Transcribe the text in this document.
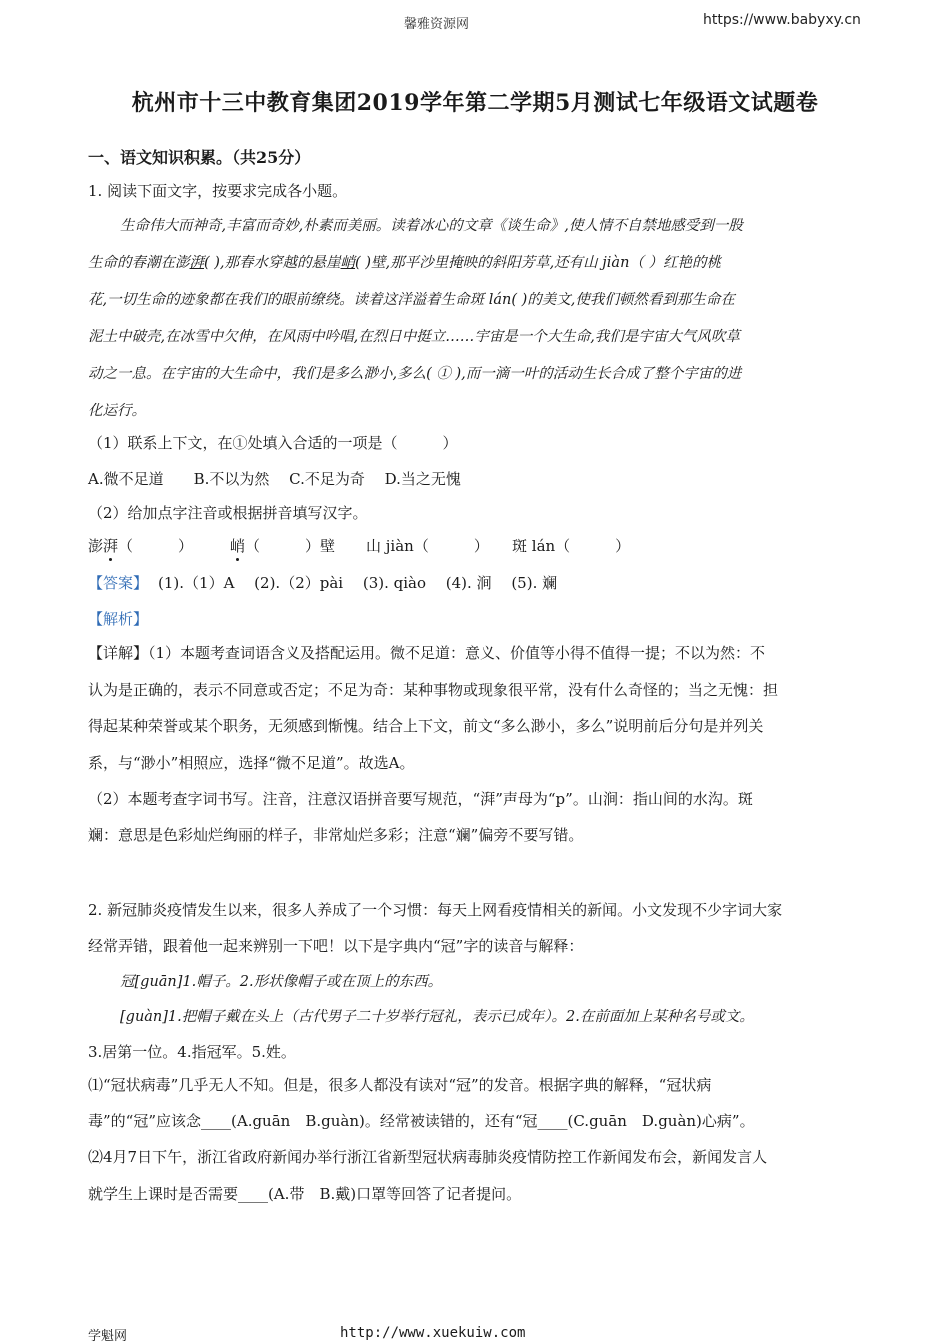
馨雅资源网	https://www.babyxy.cn
杭州市十三中教育集团2019学年第二学期5月测试七年级语文试题卷
一、语文知识积累。（共25分）
1. 阅读下面文字，按要求完成各小题。
生命伟大而神奇,丰富而奇妙,朴素而美丽。读着冰心的文章《谈生命》,使人情不自禁地感受到一股
生命的春潮在澎湃( ),那春水穿越的悬崖峭( )壁,那平沙里掩映的斜阳芳草,还有山 jiàn（ ）红艳的桃
花,一切生命的迹象都在我们的眼前缭绕。读着这洋溢着生命斑 lán( )的美文,使我们顿然看到那生命在
泥土中破壳,在冰雪中欠伸，在风雨中吟唱,在烈日中挺立……宇宙是一个大生命,我们是宇宙大气风吹草
动之一息。在宇宙的大生命中，我们是多么渺小,多么( ① ),而一滴一叶的活动生长合成了整个宇宙的进
化运行。
（1）联系上下文，在①处填入合适的一项是（　　　）
A.微不足道　　B.不以为然　 C.不足为奇　 D.当之无愧
（2）给加点字注音或根据拼音填写汉字。
澎湃（　　　） 峭（　　　）壁 山 jiàn（　　　） 斑 lán（　　　）
【答案】 (1).（1）A　 (2).（2）pài　 (3). qiào　 (4). 涧　 (5). 斓
【解析】
【详解】（1）本题考查词语含义及搭配运用。微不足道：意义、价值等小得不值得一提；不以为然：不
认为是正确的，表示不同意或否定；不足为奇：某种事物或现象很平常，没有什么奇怪的；当之无愧：担
得起某种荣誉或某个职务，无须感到惭愧。结合上下文，前文“多么渺小，多么”说明前后分句是并列关
系，与“渺小”相照应，选择“微不足道”。故选A。
（2）本题考查字词书写。注音，注意汉语拼音要写规范，“湃”声母为“p”。山涧：指山间的水沟。斑
斓：意思是色彩灿烂绚丽的样子，非常灿烂多彩；注意“斓”偏旁不要写错。
2. 新冠肺炎疫情发生以来，很多人养成了一个习惯：每天上网看疫情相关的新闻。小文发现不少字词大家
经常弄错，跟着他一起来辨别一下吧！以下是字典内“冠”字的读音与解释：
冠[guān]1.帽子。2.形状像帽子或在顶上的东西。
[guàn]1.把帽子戴在头上（古代男子二十岁举行冠礼，表示已成年）。2.在前面加上某种名号或文。
3.居第一位。4.指冠军。5.姓。
⑴“冠状病毒”几乎无人不知。但是，很多人都没有读对“冠”的发音。根据字典的解释，“冠状病
毒”的“冠”应该念____(A.guān　B.guàn)。经常被读错的，还有“冠____(C.guān　D.guàn)心病”。
⑵4月7日下午，浙江省政府新闻办举行浙江省新型冠状病毒肺炎疫情防控工作新闻发布会，新闻发言人
就学生上课时是否需要____(A.带　B.戴)口罩等回答了记者提问。
学魁网	http://www.xuekuiw.com
